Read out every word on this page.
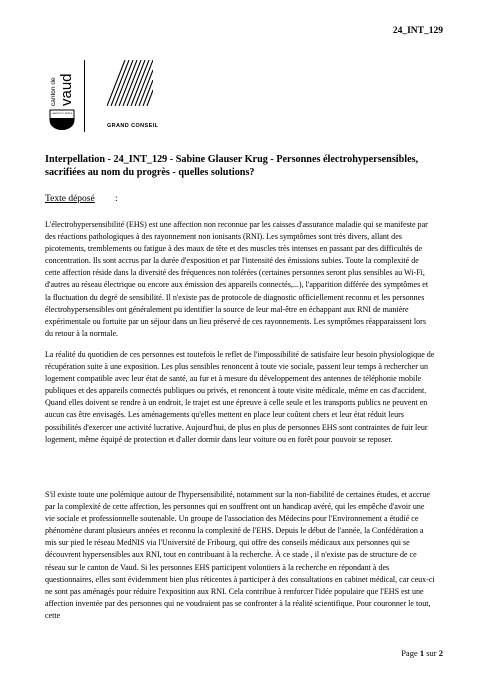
24_INT_129
canton de vaud
LIBERTÉ ET PATRIE
GRAND CONSEIL
Interpellation - 24_INT_129 - Sabine Glauser Krug - Personnes électrohypersensibles, sacrifiées au nom du progrès - quelles solutions?
Texte déposé :
L'électrohypersensibilité (EHS) est une affection non reconnue par les caisses d'assurance maladie qui se manifeste par des réactions pathologiques à des rayonnement non ionisants (RNI). Les symptômes sont très divers, allant des picotements, tremblements ou fatigue à des maux de tête et des muscles très intenses en passant par des difficultés de concentration. Ils sont accrus par la durée d'exposition et par l'intensité des émissions subies. Toute la complexité de cette affection réside dans la diversité des fréquences non tolérées (certaines personnes seront plus sensibles au Wi-Fi, d'autres au réseau électrique ou encore aux émission des appareils connectés,...), l'apparition différée des symptômes et la fluctuation du degré de sensibilité. Il n'existe pas de protocole de diagnostic officiellement reconnu et les personnes électrohypersensibles ont généralement pu identifier la source de leur mal-être en échappant aux RNI de manière expérimentale ou fortuite par un séjour dans un lieu préservé de ces rayonnements. Les symptômes réapparaissent lors du retour à la normale.
La réalité du quotidien de ces personnes est toutefois le reflet de l'impossibilité de satisfaire leur besoin physiologique de récupération suite à une exposition. Les plus sensibles renoncent à toute vie sociale, passent leur temps à rechercher un logement compatible avec leur état de santé, au fur et à mesure du développement des antennes de téléphonie mobile publiques et des appareils connectés publiques ou privés, et renoncent à toute visite médicale, même en cas d'accident. Quand elles doivent se rendre à un endroit, le trajet est une épreuve à celle seule et les transports publics ne peuvent en aucun cas être envisagés. Les aménagements qu'elles mettent en place leur coûtent chers et leur état réduit leurs possibilités d'exercer une activité lucrative. Aujourd'hui, de plus en plus de personnes EHS sont contraintes de fuir leur logement, même équipé de protection et d'aller dormir dans leur voiture ou en forêt pour pouvoir se reposer.
S'il existe toute une polémique autour de l'hypersensibilité, notamment sur la non-fiabilité de certaines études, et accrue par la complexité de cette affection, les personnes qui en souffrent ont un handicap avéré, qui les empêche d'avoir une vie sociale et professionnelle soutenable. Un groupe de l'association des Médecins pour l'Environnement a étudié ce phénomène durant plusieurs années et reconnu la complexité de l'EHS. Depuis le début de l'année, la Confédération a mis sur pied le réseau MedNIS via l'Université de Fribourg, qui offre des conseils médicaux aux personnes qui se découvrent hypersensibles aux RNI, tout en contribuant à la recherche. À ce stade , il n'existe pas de structure de ce réseau sur le canton de Vaud. Si les personnes EHS participent volontiers à la recherche en répondant à des questionnaires, elles sont évidemment bien plus réticentes à participer à des consultations en cabinet médical, car ceux-ci ne sont pas aménagés pour réduire l'exposition aux RNI. Cela contribue à renforcer l'idée populaire que l'EHS est une affection inventée par des personnes qui ne voudraient pas se confronter à la réalité scientifique. Pour couronner le tout, cette
Page 1 sur 2
